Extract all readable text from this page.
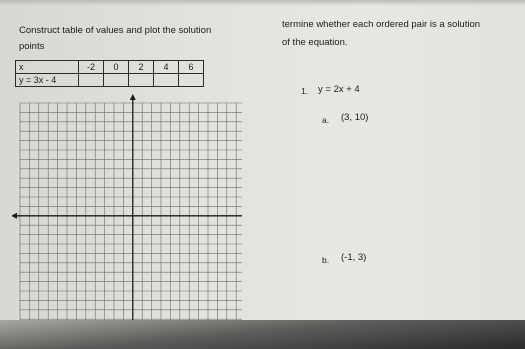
Construct table of values and plot the solution
points
x	-2	0	2	4	6
y = 3x - 4					
termine whether each ordered pair is a solution
of the equation.
1. y = 2x + 4
a. (3, 10)
b. (-1, 3)
